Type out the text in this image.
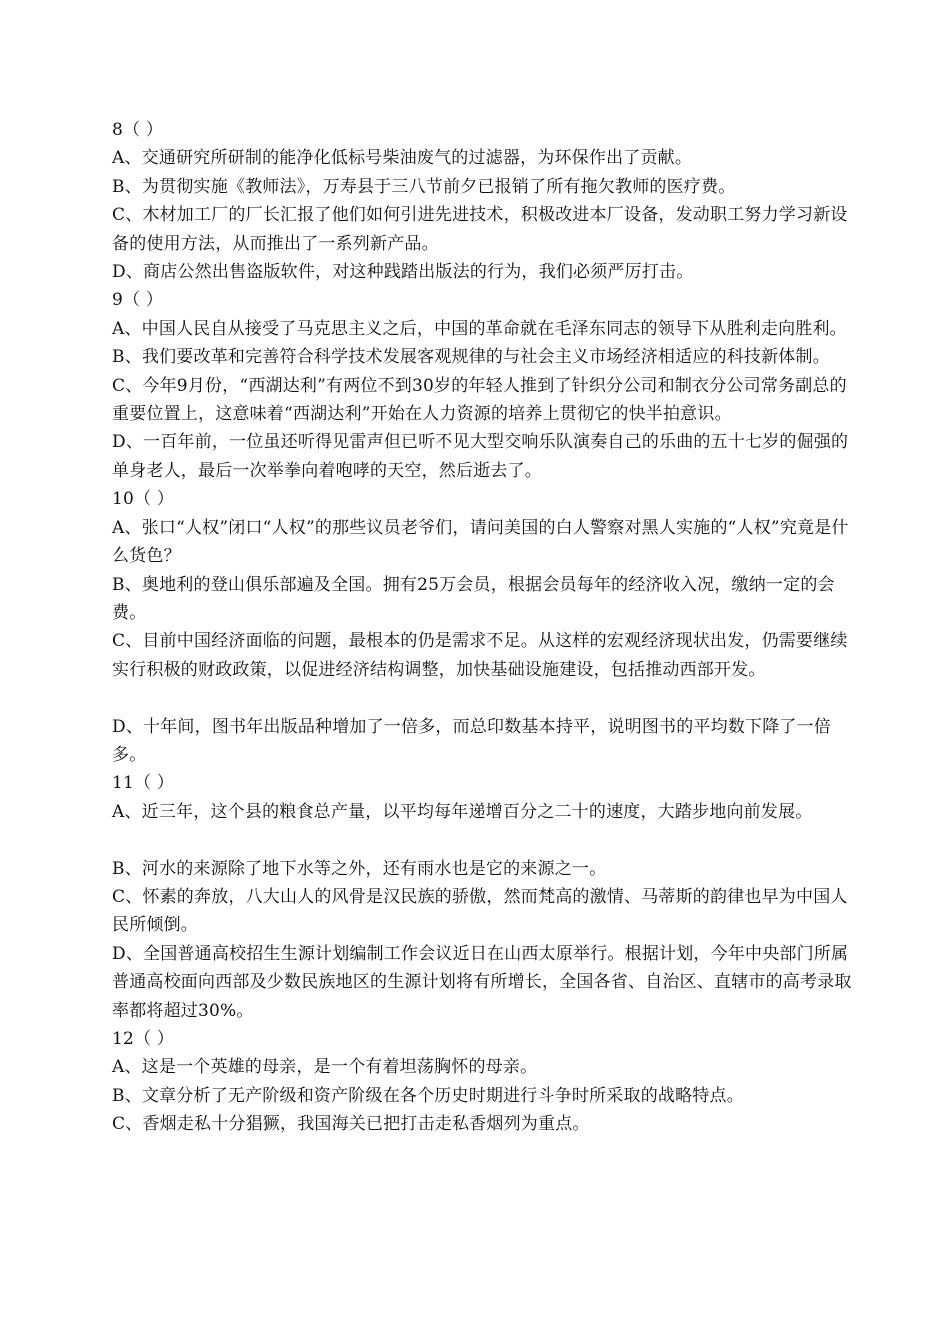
8（ ）

A、交通研究所研制的能净化低标号柴油废气的过滤器，为环保作出了贡献。

B、为贯彻实施《教师法》，万寿县于三八节前夕已报销了所有拖欠教师的医疗费。

C、木材加工厂的厂长汇报了他们如何引进先进技术，积极改进本厂设备，发动职工努力学习新设备的使用方法，从而推出了一系列新产品。

D、商店公然出售盗版软件，对这种践踏出版法的行为，我们必须严厉打击。

9（ ）

A、中国人民自从接受了马克思主义之后，中国的革命就在毛泽东同志的领导下从胜利走向胜利。

B、我们要改革和完善符合科学技术发展客观规律的与社会主义市场经济相适应的科技新体制。

C、今年9月份，“西湖达利”有两位不到30岁的年轻人推到了针织分公司和制衣分公司常务副总的重要位置上，这意味着“西湖达利”开始在人力资源的培养上贯彻它的快半拍意识。

D、一百年前，一位虽还听得见雷声但已听不见大型交响乐队演奏自己的乐曲的五十七岁的倔强的单身老人，最后一次举拳向着咆哮的天空，然后逝去了。

10（ ）

A、张口“人权”闭口“人权”的那些议员老爷们，请问美国的白人警察对黑人实施的“人权”究竟是什么货色？

B、奥地利的登山俱乐部遍及全国。拥有25万会员，根据会员每年的经济收入况，缴纳一定的会费。

C、目前中国经济面临的问题，最根本的仍是需求不足。从这样的宏观经济现状出发，仍需要继续实行积极的财政政策，以促进经济结构调整，加快基础设施建设，包括推动西部开发。

D、十年间，图书年出版品种增加了一倍多，而总印数基本持平，说明图书的平均数下降了一倍多。

11（ ）

A、近三年，这个县的粮食总产量，以平均每年递增百分之二十的速度，大踏步地向前发展。

B、河水的来源除了地下水等之外，还有雨水也是它的来源之一。

C、怀素的奔放，八大山人的风骨是汉民族的骄傲，然而梵高的激情、马蒂斯的韵律也早为中国人民所倾倒。

D、全国普通高校招生生源计划编制工作会议近日在山西太原举行。根据计划，今年中央部门所属普通高校面向西部及少数民族地区的生源计划将有所增长，全国各省、自治区、直辖市的高考录取率都将超过30%。

12（ ）

A、这是一个英雄的母亲，是一个有着坦荡胸怀的母亲。

B、文章分析了无产阶级和资产阶级在各个历史时期进行斗争时所采取的战略特点。

C、香烟走私十分猖獗，我国海关已把打击走私香烟列为重点。
